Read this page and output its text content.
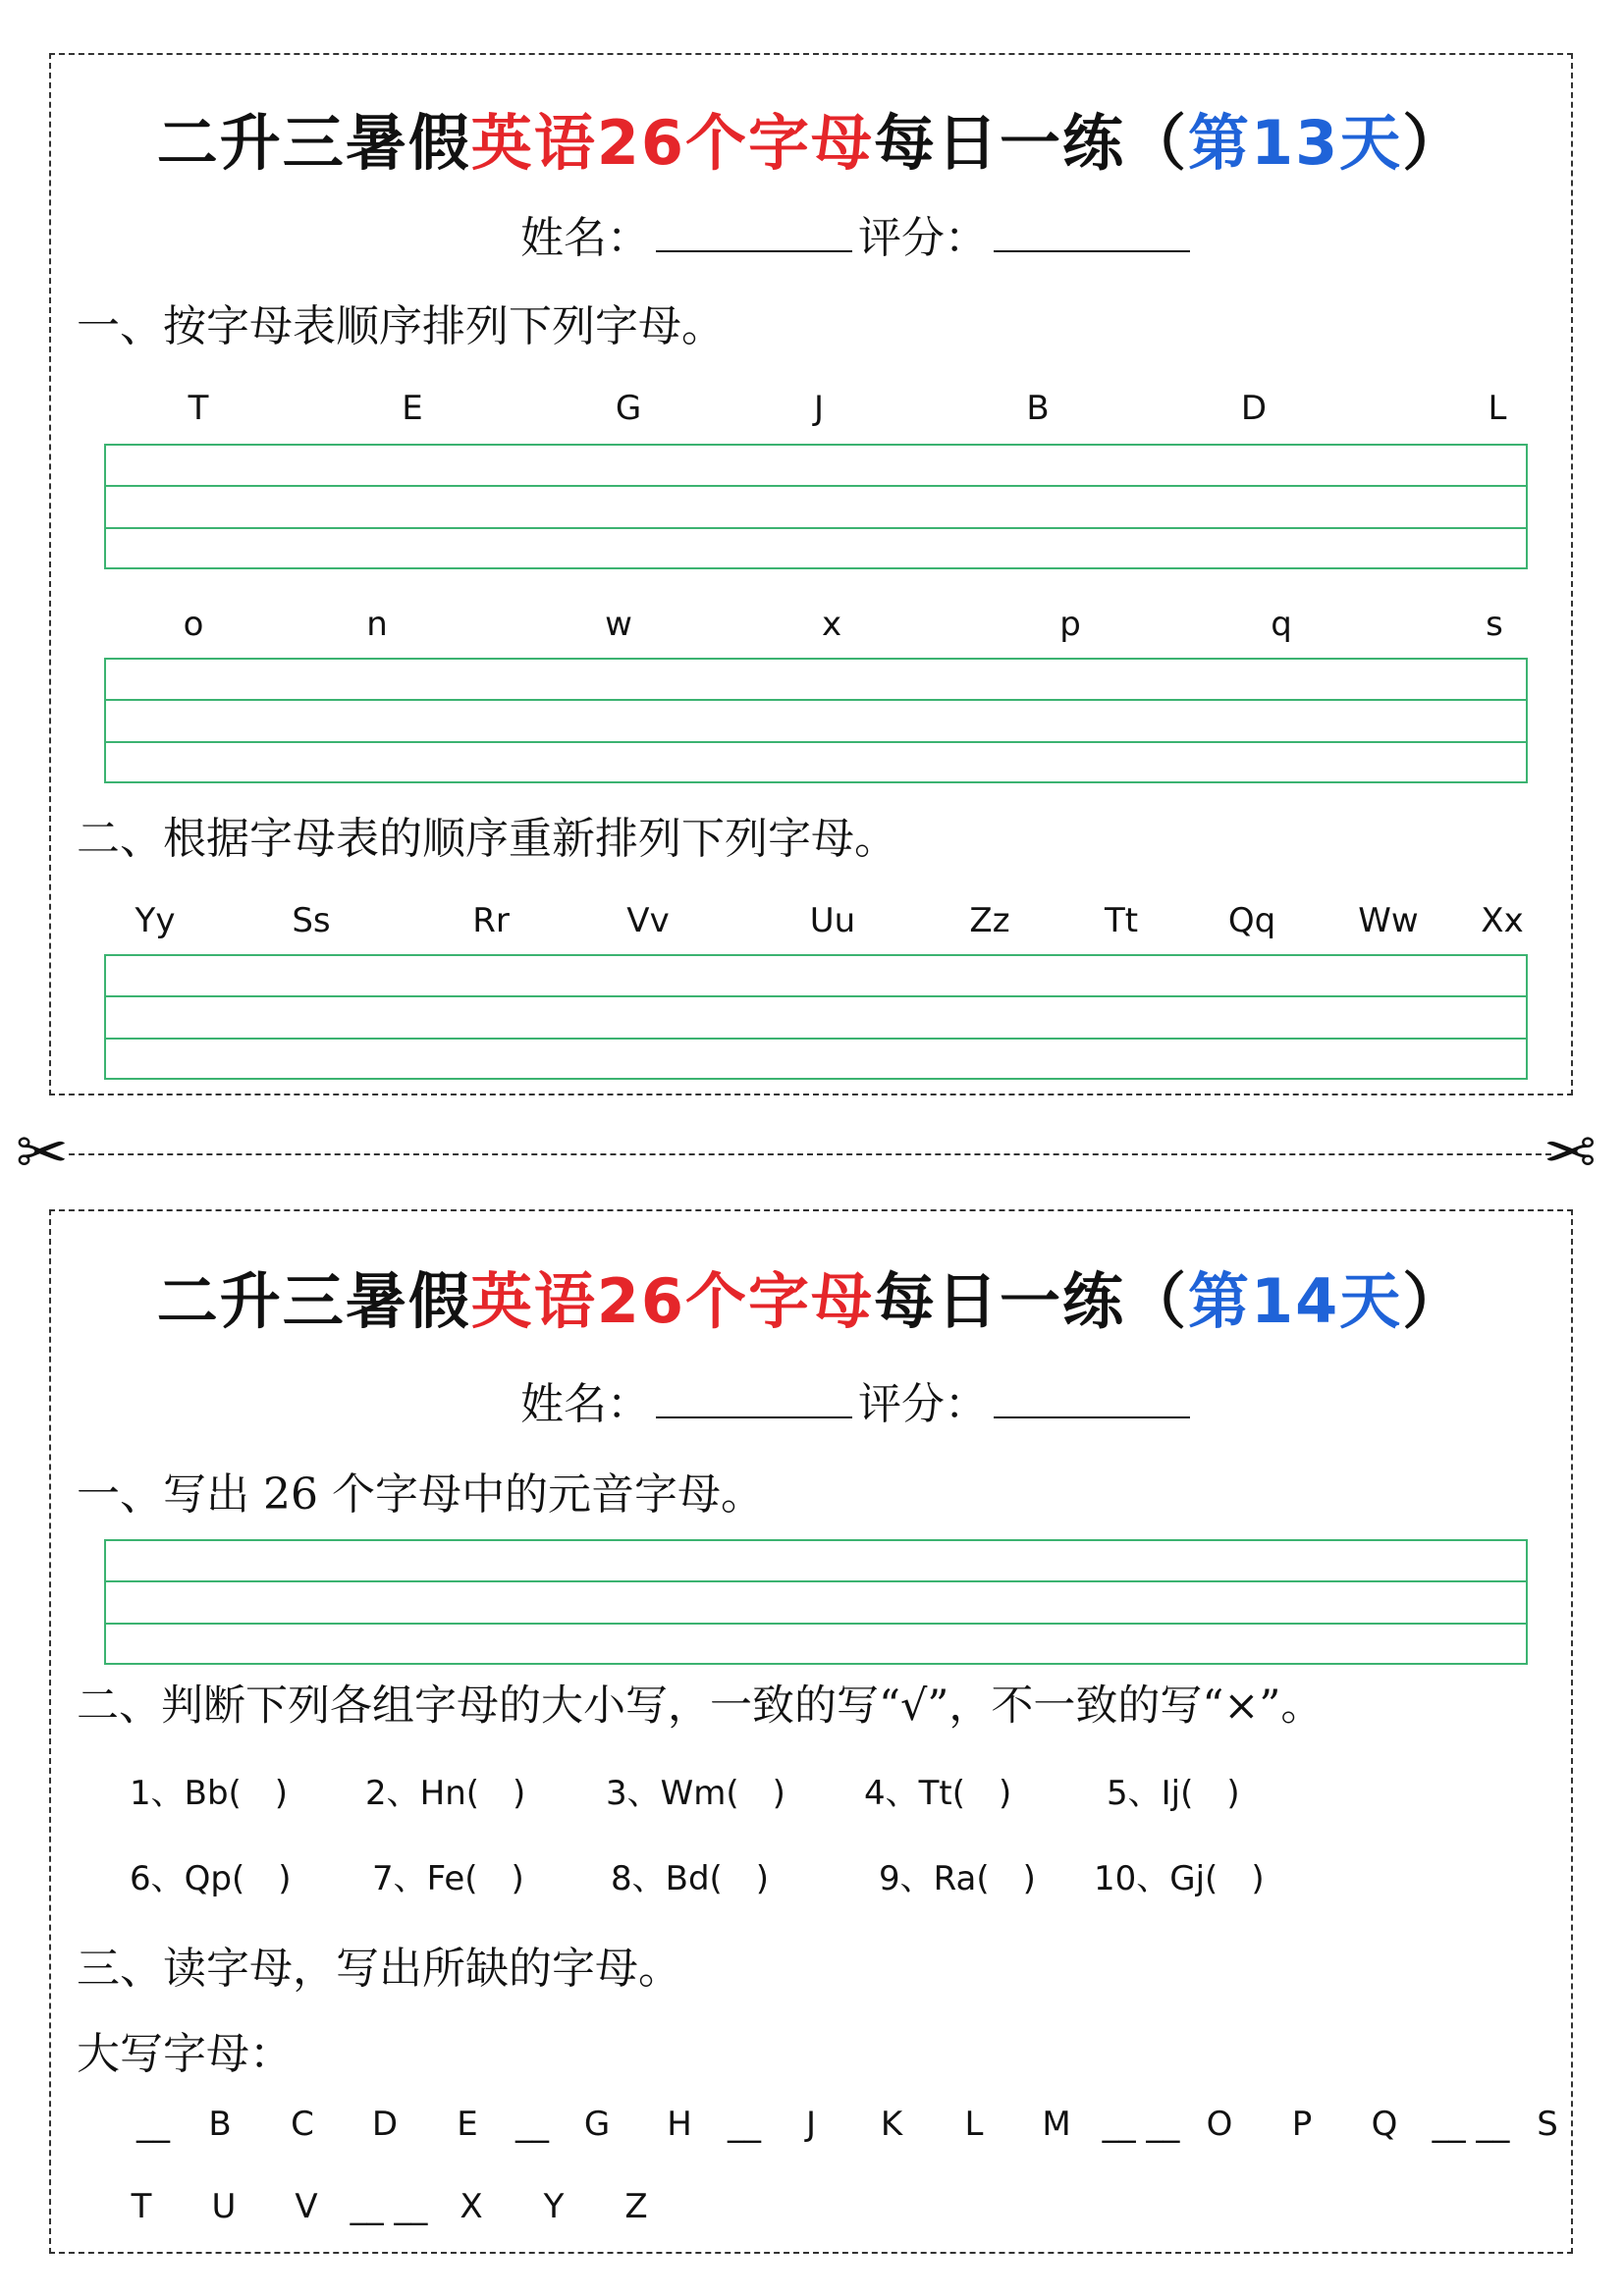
二升三暑假英语26个字母每日一练（第13天）
姓名：	评分：
一、按字母表顺序排列下列字母。
T	E	G	J	B	D	L
o	n	w	x	p	q	s
二、根据字母表的顺序重新排列下列字母。
Yy	Ss	Rr	Vv	Uu	Zz	Tt	Qq Ww Xx
✂	✂
二升三暑假英语26个字母每日一练（第14天）
姓名：	评分：
一、写出 26 个字母中的元音字母。
二、判断下列各组字母的大小写，一致的写“√”，不一致的写“×”。
1、Bb(　) 2、Hn(　) 3、Wm(　) 4、Tt(　)	5、Ij(　)
6、Qp(　) 7、Fe(　)	8、Bd(　)	9、Ra(　) 10、Gj(　)
三、读字母，写出所缺的字母。
大写字母：
__ B C D E __ G H __ J K L M __ __ O P Q __ __ S
T U V __ __ X Y Z
